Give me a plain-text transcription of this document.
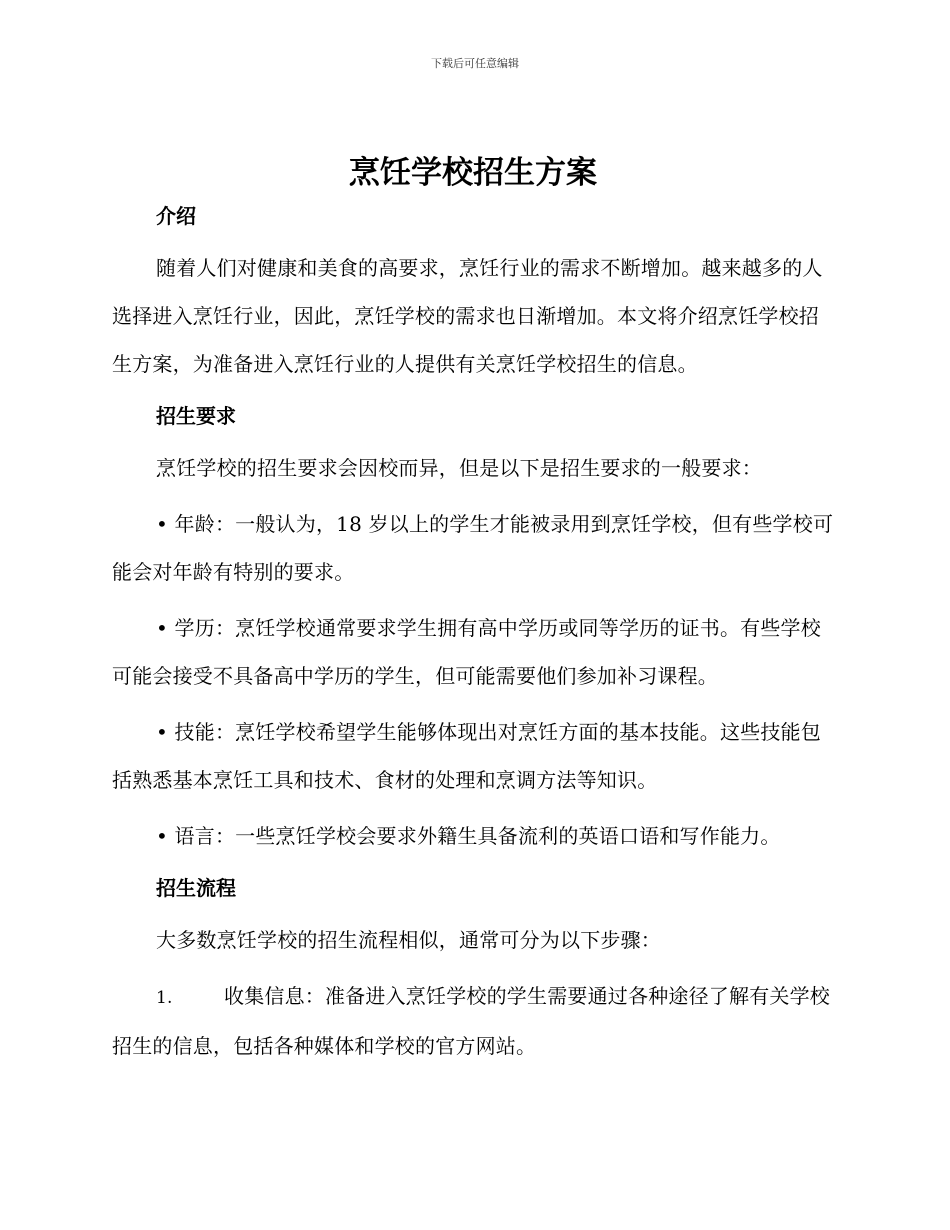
下载后可任意编辑
烹饪学校招生方案
介绍

随着人们对健康和美食的高要求，烹饪行业的需求不断增加。越来越多的人选择进入烹饪行业，因此，烹饪学校的需求也日渐增加。本文将介绍烹饪学校招生方案，为准备进入烹饪行业的人提供有关烹饪学校招生的信息。

招生要求

烹饪学校的招生要求会因校而异，但是以下是招生要求的一般要求：

• 年龄：一般认为，18 岁以上的学生才能被录用到烹饪学校，但有些学校可能会对年龄有特别的要求。

• 学历：烹饪学校通常要求学生拥有高中学历或同等学历的证书。有些学校可能会接受不具备高中学历的学生，但可能需要他们参加补习课程。

• 技能：烹饪学校希望学生能够体现出对烹饪方面的基本技能。这些技能包括熟悉基本烹饪工具和技术、食材的处理和烹调方法等知识。

• 语言：一些烹饪学校会要求外籍生具备流利的英语口语和写作能力。

招生流程

大多数烹饪学校的招生流程相似，通常可分为以下步骤：

1.	收集信息：准备进入烹饪学校的学生需要通过各种途径了解有关学校招生的信息，包括各种媒体和学校的官方网站。
